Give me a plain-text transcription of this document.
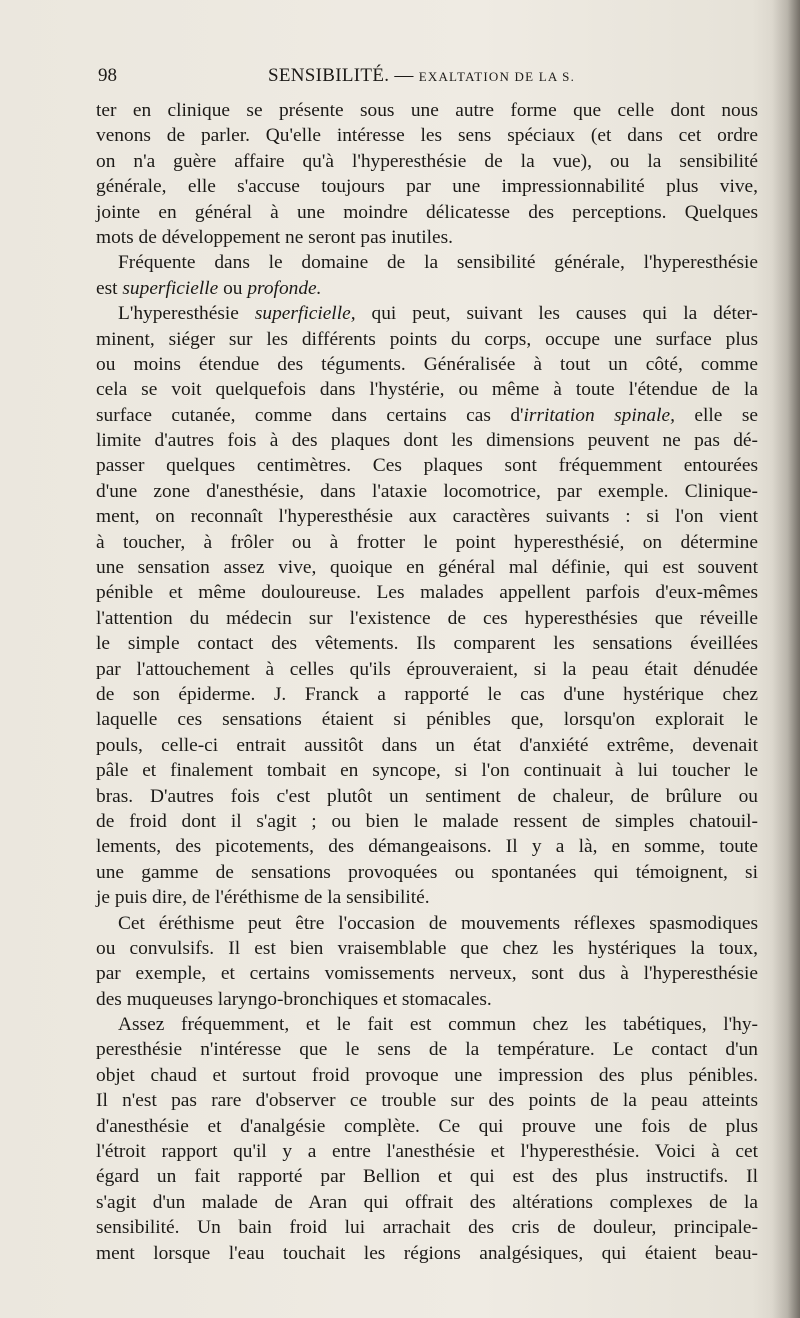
98	SENSIBILITÉ. — EXALTATION DE LA S.
ter en clinique se présente sous une autre forme que celle dont nous
venons de parler. Qu'elle intéresse les sens spéciaux (et dans cet ordre
on n'a guère affaire qu'à l'hyperesthésie de la vue), ou la sensibilité
générale, elle s'accuse toujours par une impressionnabilité plus vive,
jointe en général à une moindre délicatesse des perceptions. Quelques
mots de développement ne seront pas inutiles.
Fréquente dans le domaine de la sensibilité générale, l'hyperesthésie
est superficielle ou profonde.
L'hyperesthésie superficielle, qui peut, suivant les causes qui la déter-
minent, siéger sur les différents points du corps, occupe une surface plus
ou moins étendue des téguments. Généralisée à tout un côté, comme
cela se voit quelquefois dans l'hystérie, ou même à toute l'étendue de la
surface cutanée, comme dans certains cas d'irritation spinale, elle se
limite d'autres fois à des plaques dont les dimensions peuvent ne pas dé-
passer quelques centimètres. Ces plaques sont fréquemment entourées
d'une zone d'anesthésie, dans l'ataxie locomotrice, par exemple. Clinique-
ment, on reconnaît l'hyperesthésie aux caractères suivants : si l'on vient
à toucher, à frôler ou à frotter le point hyperesthésié, on détermine
une sensation assez vive, quoique en général mal définie, qui est souvent
pénible et même douloureuse. Les malades appellent parfois d'eux-mêmes
l'attention du médecin sur l'existence de ces hyperesthésies que réveille
le simple contact des vêtements. Ils comparent les sensations éveillées
par l'attouchement à celles qu'ils éprouveraient, si la peau était dénudée
de son épiderme. J. Franck a rapporté le cas d'une hystérique chez
laquelle ces sensations étaient si pénibles que, lorsqu'on explorait le
pouls, celle-ci entrait aussitôt dans un état d'anxiété extrême, devenait
pâle et finalement tombait en syncope, si l'on continuait à lui toucher le
bras. D'autres fois c'est plutôt un sentiment de chaleur, de brûlure ou
de froid dont il s'agit ; ou bien le malade ressent de simples chatouil-
lements, des picotements, des démangeaisons. Il y a là, en somme, toute
une gamme de sensations provoquées ou spontanées qui témoignent, si
je puis dire, de l'éréthisme de la sensibilité.
Cet éréthisme peut être l'occasion de mouvements réflexes spasmodiques
ou convulsifs. Il est bien vraisemblable que chez les hystériques la toux,
par exemple, et certains vomissements nerveux, sont dus à l'hyperesthésie
des muqueuses laryngo-bronchiques et stomacales.
Assez fréquemment, et le fait est commun chez les tabétiques, l'hy-
peresthésie n'intéresse que le sens de la température. Le contact d'un
objet chaud et surtout froid provoque une impression des plus pénibles.
Il n'est pas rare d'observer ce trouble sur des points de la peau atteints
d'anesthésie et d'analgésie complète. Ce qui prouve une fois de plus
l'étroit rapport qu'il y a entre l'anesthésie et l'hyperesthésie. Voici à cet
égard un fait rapporté par Bellion et qui est des plus instructifs. Il
s'agit d'un malade de Aran qui offrait des altérations complexes de la
sensibilité. Un bain froid lui arrachait des cris de douleur, principale-
ment lorsque l'eau touchait les régions analgésiques, qui étaient beau-
